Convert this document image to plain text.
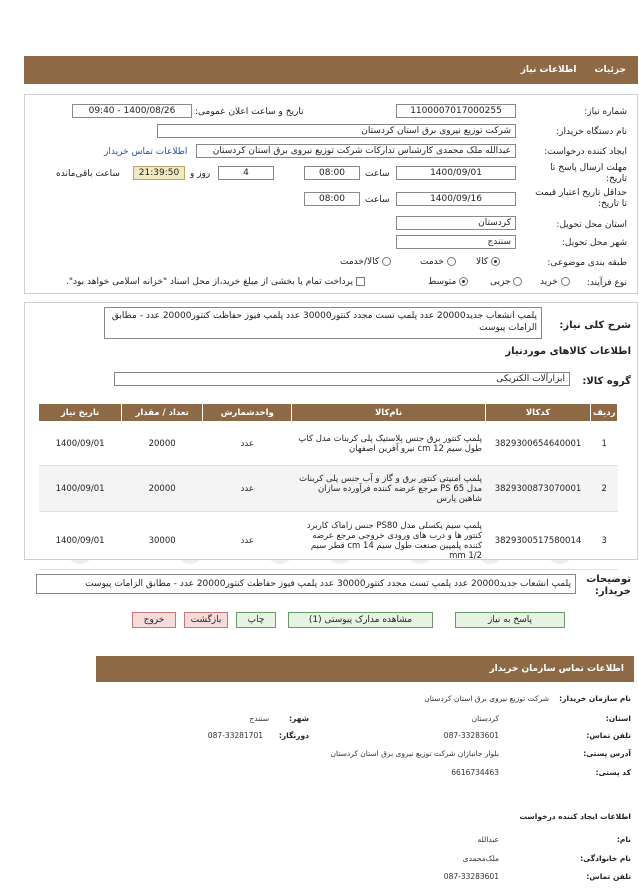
جزئیات
اطلاعات نیاز
شماره نیاز:
1100007017000255
تاریخ و ساعت اعلان عمومی:
1400/08/26 - 09:40
نام دستگاه خریدار:
شرکت توزیع نیروی برق استان کردستان
ایجاد کننده درخواست:
عبدالله ملک محمدی کارشناس تدارکات شرکت توزیع نیروی برق استان کردستان
اطلاعات تماس خریدار
مهلت ارسال پاسخ تا تاریخ:
1400/09/01
ساعت
08:00
4
روز و
21:39:50
ساعت باقی‌مانده
حداقل تاریخ اعتبار قیمت تا تاریخ:
1400/09/16
ساعت
08:00
استان محل تحویل:
کردستان
شهر محل تحویل:
سنندج
طبقه بندی موضوعی:
کالا
خدمت
کالا/خدمت
نوع فرآیند:
خرید
جزیی
متوسط
پرداخت تمام یا بخشی از مبلغ خرید،از محل اسناد "خزانه اسلامی خواهد بود".
شرح کلی نیاز:
پلمپ انشعاب جدید20000 عدد پلمپ تست مجدد کنتور30000 عدد پلمپ فیوز حفاظت کنتور20000 عدد - مطابق الزامات پیوست
اطلاعات کالاهای موردنیاز
گروه کالا:
ابزارآلات الکتریکی
ردیف	کدکالا	نام‌کالا	واحدشمارش	تعداد / مقدار	تاریخ نیاز
1	3829300654640001	پلمپ کنتور برق جنس پلاستیک پلی کربنات مدل کاپ طول سیم 12 cm نیرو آفرین اصفهان	عدد	20000	1400/09/01
2	3829300873070001	پلمپ امنیتی کنتور برق و گاز و آب جنس پلی کربنات مدل PS 65 مرجع عرضه کننده فرآورده سازان شاهین پارس	عدد	20000	1400/09/01
3	3829300517580014	پلمپ سیم یکسلی مدل PS80 جنس زاماک کاربرد کنتور ها و درب های ورودی خروجی مرجع عرضه کننده پلمپین صنعت طول سیم 14 cm قطر سیم 1/2 mm	عدد	30000	1400/09/01
توضیحات خریدار:
پلمپ انشعاب جدید20000 عدد پلمپ تست مجدد کنتور30000 عدد پلمپ فیوز حفاظت کنتور20000 عدد - مطابق الزامات پیوست
پاسخ به نیاز
مشاهده مدارک پیوستی (1)
چاپ
بازگشت
خروج
اطلاعات تماس سازمان خریدار
نام سازمان خریدار:
شرکت توزیع نیروی برق استان کردستان
استان:
کردستان
شهر:
سنندج
تلفن تماس:
087-33283601
دورنگار:
087-33281701
آدرس پستی:
بلوار جانبازان شرکت توزیع نیروی برق استان کردستان
کد پستی:
6616734463
اطلاعات ایجاد کننده درخواست
نام:
عبدالله
نام خانوادگی:
ملک‌محمدی
تلفن تماس:
087-33283601
